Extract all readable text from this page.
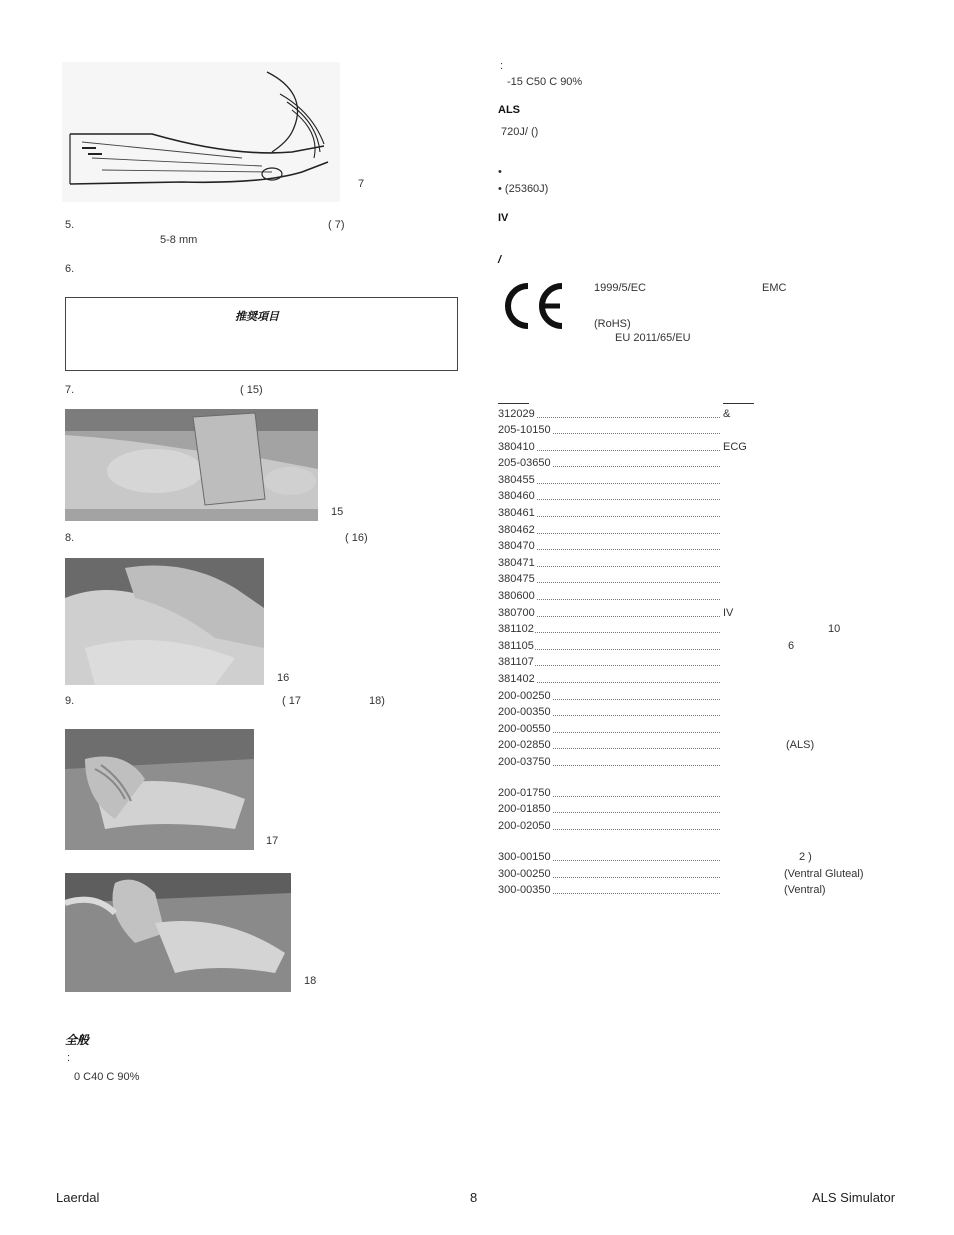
7
5.	( 7)
5-8 mm
6.
推奨項目
7.	( 15)
15
8.	( 16)
16
9.	( 17	18)
17
18
全般
:
0 C40 C 90%
:
-15 C50 C 90%
ALS
720J/ ()
•
• (25360J)
IV
/
1999/5/EC	EMC
(RoHS)
EU 2011/65/EU
312029	&
205-10150
380410	ECG
205-03650
380455
380460
380461
380462
380470
380471
380475
380600
380700	IV
381102	10
381105	6
381107
381402
200-00250
200-00350
200-00550
200-02850	(ALS)
200-03750
200-01750
200-01850
200-02050
300-00150	2 )
300-00250	(Ventral Gluteal)
300-00350	(Ventral)
Laerdal	8	ALS Simulator
